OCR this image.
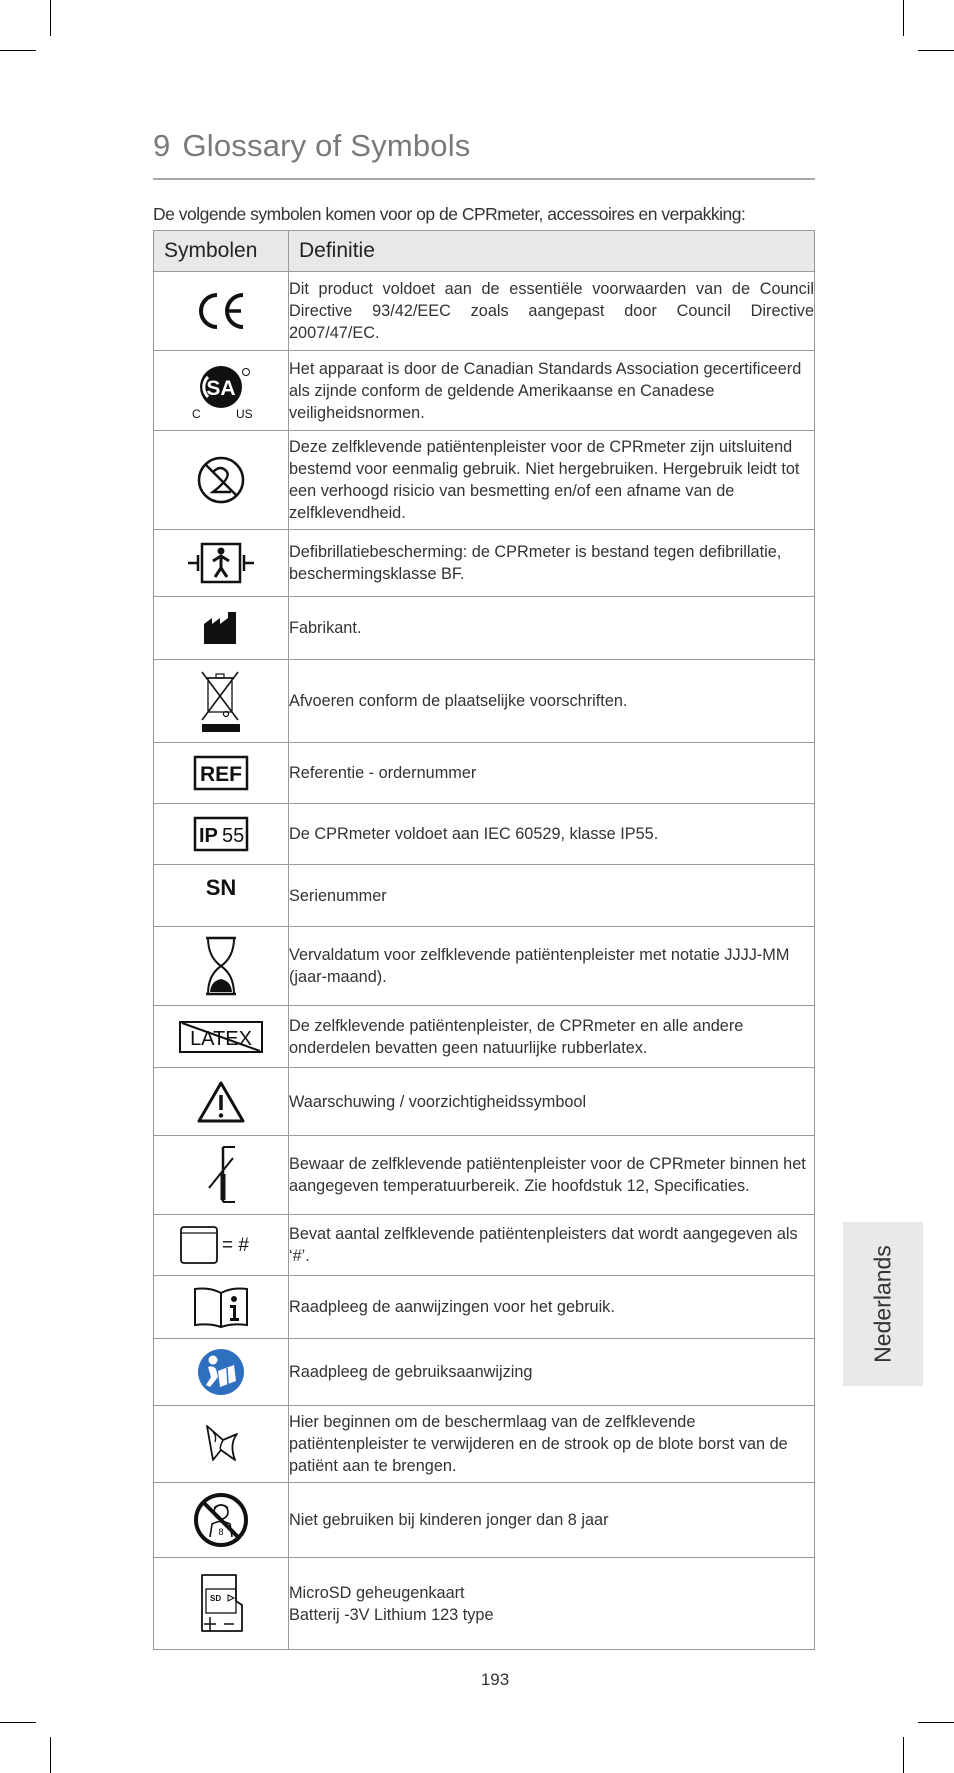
9 Glossary of Symbols
De volgende symbolen komen voor op de CPRmeter, accessoires en verpakking:
Symbolen	Definitie

	Dit product voldoet aan de essentiële voorwaarden van de Council Directive 93/42/EEC zoals aangepast door Council Directive 2007/47/EC.

SA
C US	Het apparaat is door de Canadian Standards Association gecertificeerd als zijnde conform de geldende Amerikaanse en Canadese veiligheidsnormen.

	Deze zelfklevende patiëntenpleister voor de CPRmeter zijn uitsluitend bestemd voor eenmalig gebruik. Niet hergebruiken. Hergebruik leidt tot een verhoogd risicio van besmetting en/of een afname van de zelfklevendheid.

	Defibrillatiebescherming: de CPRmeter is bestand tegen defibrillatie, beschermingsklasse BF.

	Fabrikant.

	Afvoeren conform de plaatselijke voorschriften.

REF	Referentie - ordernummer

IP 55	De CPRmeter voldoet aan IEC 60529, klasse IP55.

SN	Serienummer

	Vervaldatum voor zelfklevende patiëntenpleister met notatie JJJJ-MM (jaar-maand).

LATEX	De zelfklevende patiëntenpleister, de CPRmeter en alle andere onderdelen bevatten geen natuurlijke rubberlatex.

	Waarschuwing / voorzichtigheidssymbool

	Bewaar de zelfklevende patiëntenpleister voor de CPRmeter binnen het aangegeven temperatuurbereik. Zie hoofdstuk 12, Specificaties.

= #	Bevat aantal zelfklevende patiëntenpleisters dat wordt aangegeven als ‘#’.

	Raadpleeg de aanwijzingen voor het gebruik.

	Raadpleeg de gebruiksaanwijzing

	Hier beginnen om de beschermlaag van de zelfklevende patiëntenpleister te verwijderen en de strook op de blote borst van de patiënt aan te brengen.

8	Niet gebruiken bij kinderen jonger dan 8 jaar

SD	MicroSD geheugenkaart
Batterij -3V Lithium 123 type
Nederlands
193
